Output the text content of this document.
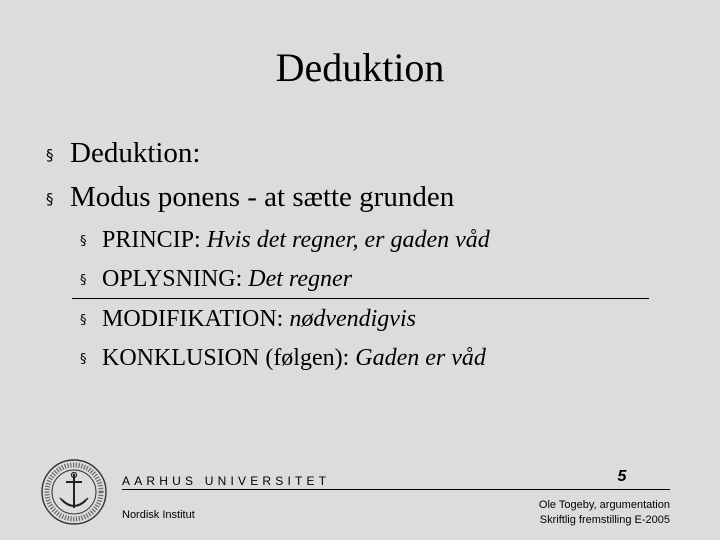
Deduktion
§ Deduktion:
§ Modus ponens - at sætte grunden
§ PRINCIP: Hvis det regner, er gaden våd
§ OPLYSNING: Det regner
§ MODIFIKATION: nødvendigvis
§ KONKLUSION (følgen): Gaden er våd
AARHUS UNIVERSITET
Nordisk Institut
5
Ole Togeby, argumentation
Skriftlig fremstilling E-2005
